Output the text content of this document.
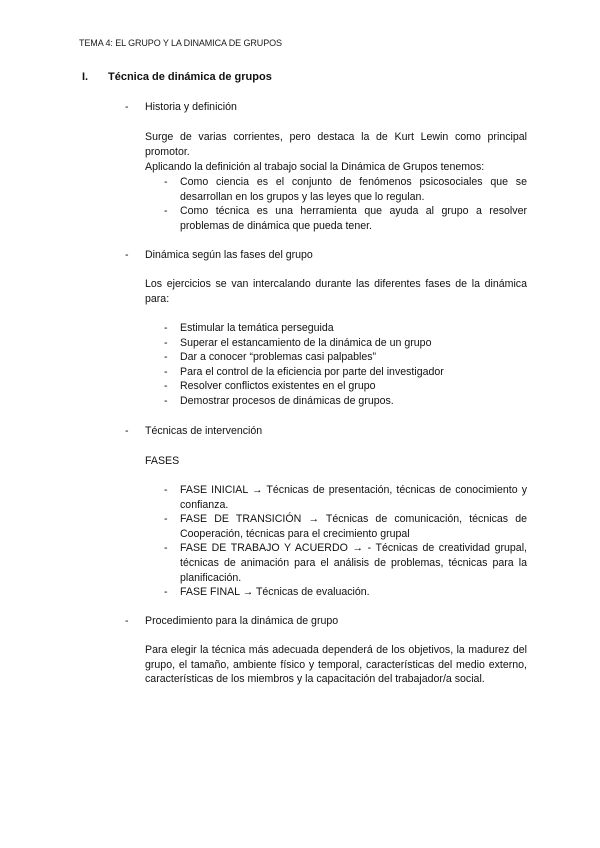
TEMA 4: EL GRUPO Y LA DINAMICA DE GRUPOS
I. Técnica de dinámica de grupos
- Historia y definición
Surge de varias corrientes, pero destaca la de Kurt Lewin como principal promotor.
Aplicando la definición al trabajo social la Dinámica de Grupos tenemos:
- Como ciencia es el conjunto de fenómenos psicosociales que se desarrollan en los grupos y las leyes que lo regulan.
- Como técnica es una herramienta que ayuda al grupo a resolver problemas de dinámica que pueda tener.
- Dinámica según las fases del grupo
Los ejercicios se van intercalando durante las diferentes fases de la dinámica para:
- Estimular la temática perseguida
- Superar el estancamiento de la dinámica de un grupo
- Dar a conocer “problemas casi palpables”
- Para el control de la eficiencia por parte del investigador
- Resolver conflictos existentes en el grupo
- Demostrar procesos de dinámicas de grupos.
- Técnicas de intervención
FASES
- FASE INICIAL → Técnicas de presentación, técnicas de conocimiento y confianza.
- FASE DE TRANSICIÓN → Técnicas de comunicación, técnicas de Cooperación, técnicas para el crecimiento grupal
- FASE DE TRABAJO Y ACUERDO → - Técnicas de creatividad grupal, técnicas de animación para el análisis de problemas, técnicas para la planificación.
- FASE FINAL → Técnicas de evaluación.
- Procedimiento para la dinámica de grupo
Para elegir la técnica más adecuada dependerá de los objetivos, la madurez del grupo, el tamaño, ambiente físico y temporal, características del medio externo, características de los miembros y la capacitación del trabajador/a social.
